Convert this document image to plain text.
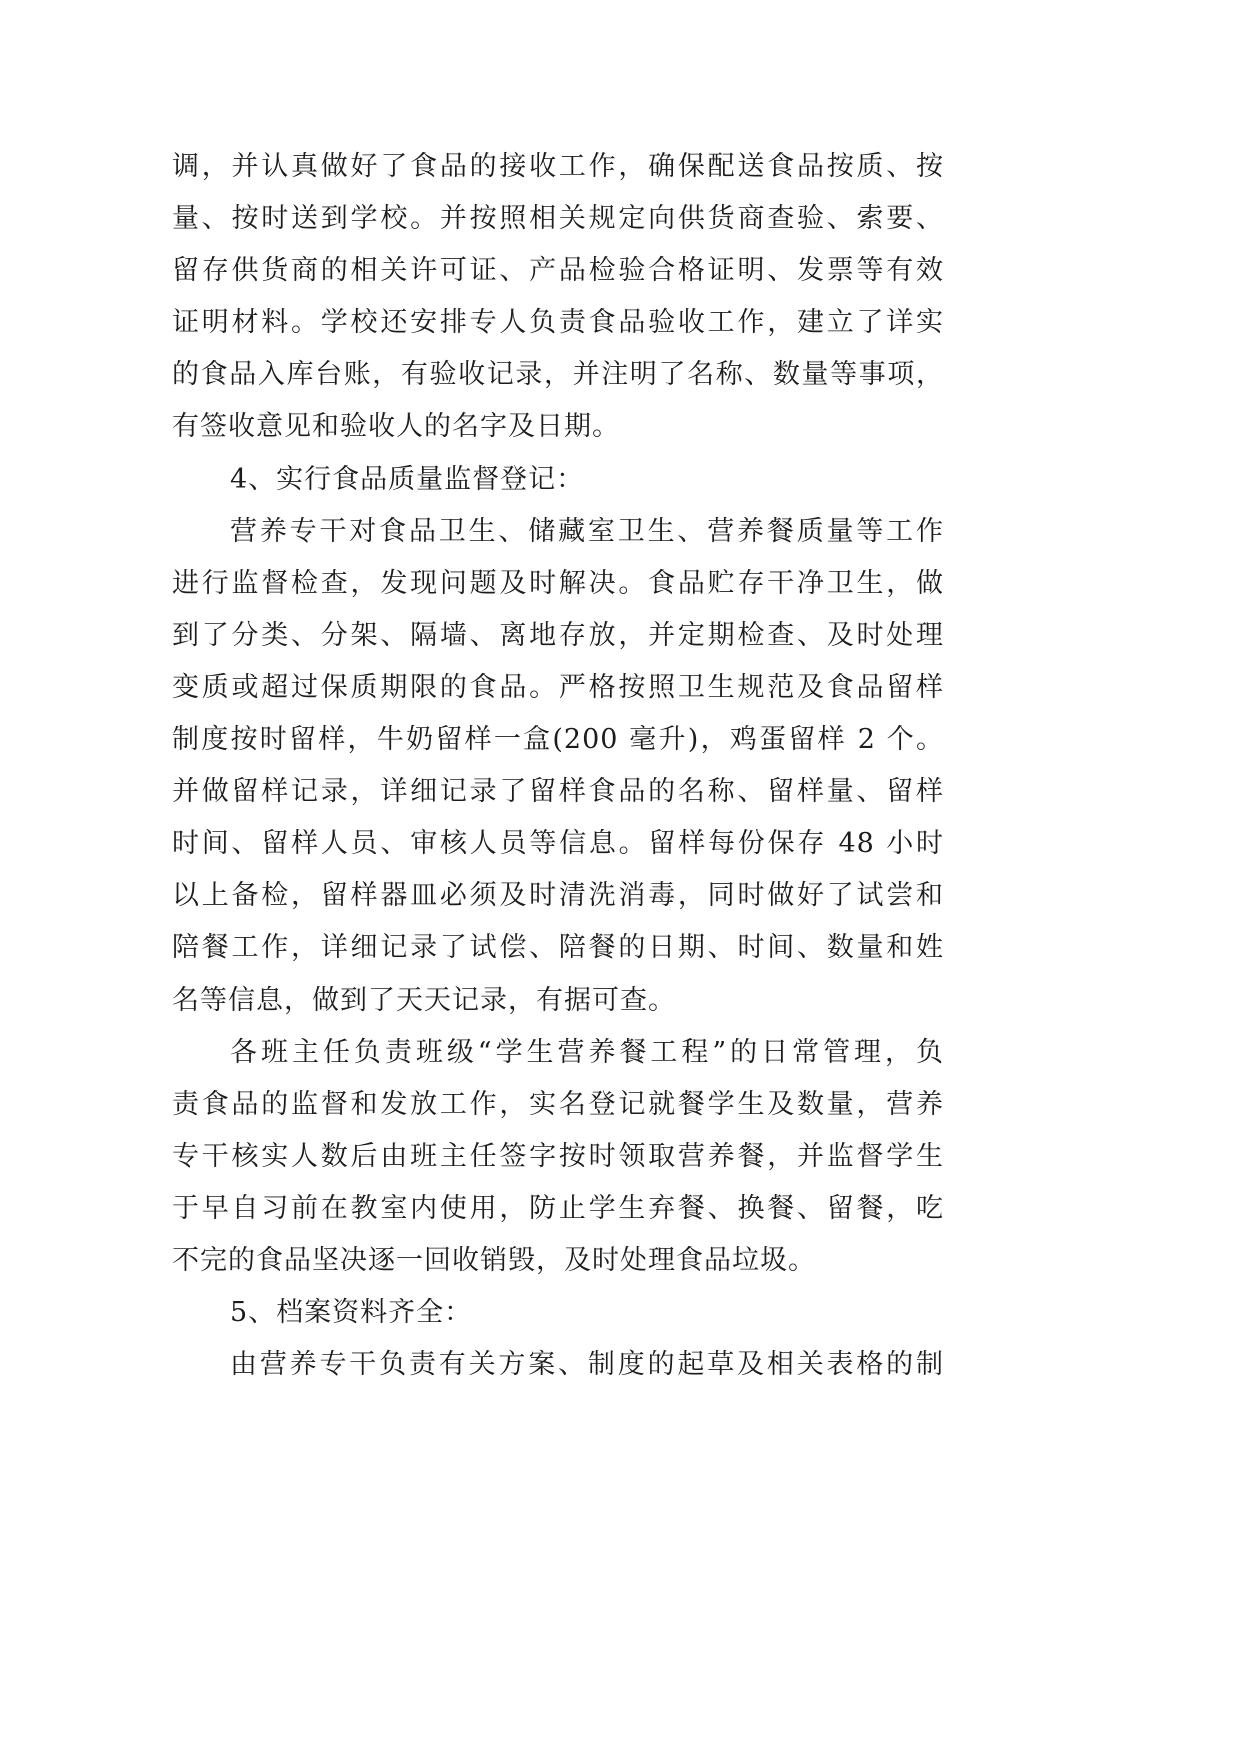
调，并认真做好了食品的接收工作，确保配送食品按质、按
量、按时送到学校。并按照相关规定向供货商查验、索要、
留存供货商的相关许可证、产品检验合格证明、发票等有效
证明材料。学校还安排专人负责食品验收工作，建立了详实
的食品入库台账，有验收记录，并注明了名称、数量等事项，
有签收意见和验收人的名字及日期。
4、实行食品质量监督登记：
营养专干对食品卫生、储藏室卫生、营养餐质量等工作
进行监督检查，发现问题及时解决。食品贮存干净卫生，做
到了分类、分架、隔墙、离地存放，并定期检查、及时处理
变质或超过保质期限的食品。严格按照卫生规范及食品留样
制度按时留样，牛奶留样一盒(200 毫升)，鸡蛋留样 2 个。
并做留样记录，详细记录了留样食品的名称、留样量、留样
时间、留样人员、审核人员等信息。留样每份保存 48 小时
以上备检，留样器皿必须及时清洗消毒，同时做好了试尝和
陪餐工作，详细记录了试偿、陪餐的日期、时间、数量和姓
名等信息，做到了天天记录，有据可查。
各班主任负责班级“学生营养餐工程”的日常管理，负
责食品的监督和发放工作，实名登记就餐学生及数量，营养
专干核实人数后由班主任签字按时领取营养餐，并监督学生
于早自习前在教室内使用，防止学生弃餐、换餐、留餐，吃
不完的食品坚决逐一回收销毁，及时处理食品垃圾。
5、档案资料齐全：
由营养专干负责有关方案、制度的起草及相关表格的制
